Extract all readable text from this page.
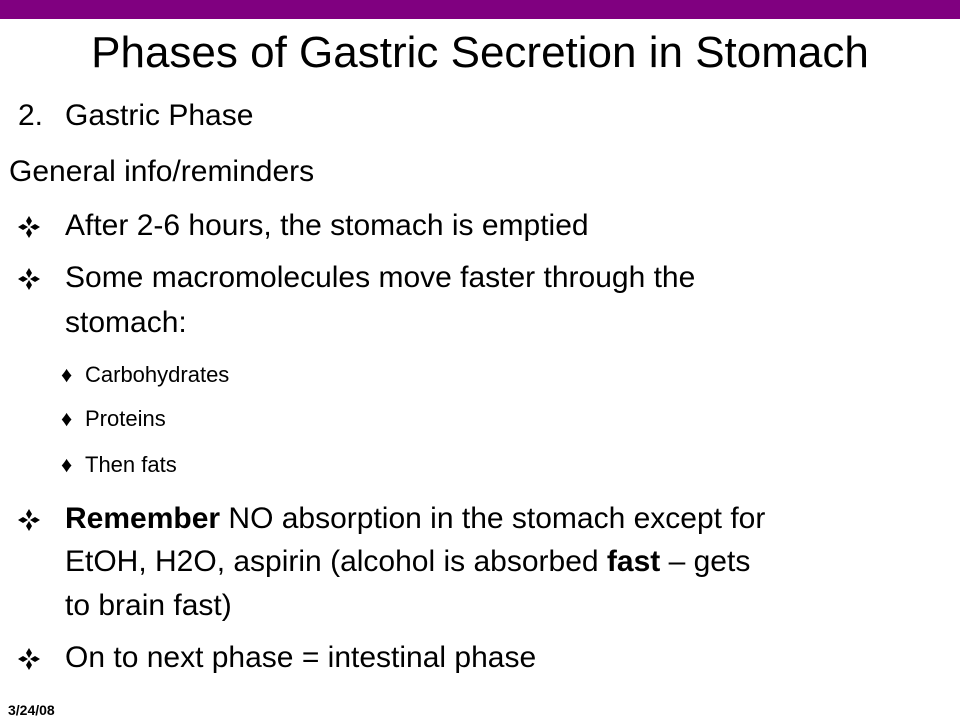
Phases of Gastric Secretion in Stomach
2. Gastric Phase
General info/reminders
After 2-6 hours, the stomach is emptied
Some macromolecules move faster through the
stomach:
♦ Carbohydrates
♦ Proteins
♦ Then fats
Remember NO absorption in the stomach except for
EtOH, H2O, aspirin (alcohol is absorbed fast – gets
to brain fast)
On to next phase = intestinal phase
3/24/08
